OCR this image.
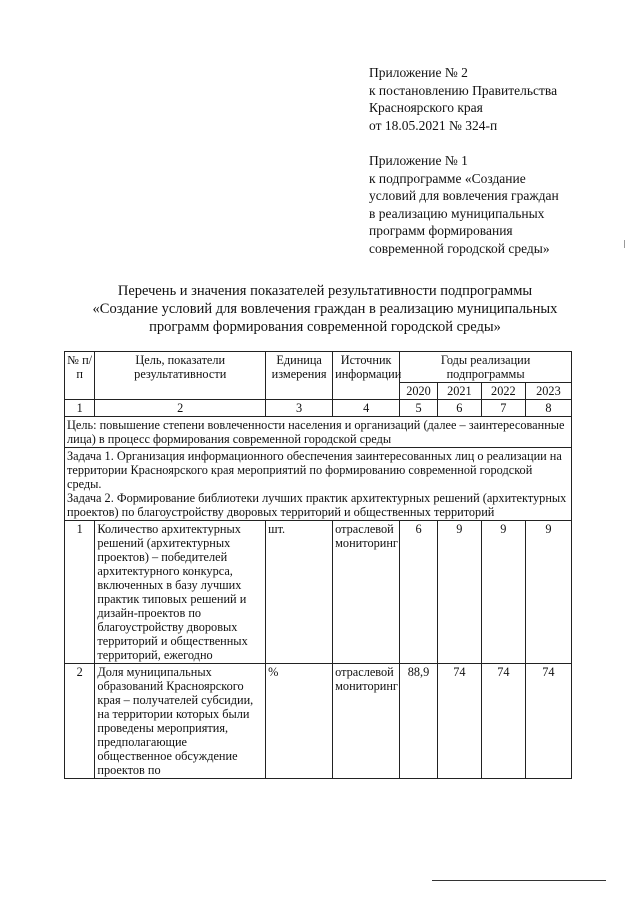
Приложение № 2
к постановлению Правительства
Красноярского края
от 18.05.2021 № 324-п
Приложение № 1
к подпрограмме «Создание
условий для вовлечения граждан
в реализацию муниципальных
программ формирования
современной городской среды»
Перечень и значения показателей результативности подпрограммы
«Создание условий для вовлечения граждан в реализацию муниципальных
программ формирования современной городской среды»
№ п/п	Цель, показатели результативности	Единица измерения	Источник информации	Годы реализации подпрограммы			
				2020	2021	2022	2023
1	2	3	4	5	6	7	8
Цель: повышение степени вовлеченности населения и организаций (далее – заинтересованные лица) в процесс формирования современной городской среды							

Задача 1. Организация информационного обеспечения заинтересованных лиц о реализации на территории Красноярского края мероприятий по формированию современной городской среды.
Задача 2. Формирование библиотеки лучших практик архитектурных решений (архитектурных проектов) по благоустройству дворовых территорий и общественных территорий							

1	Количество архитектурных решений (архитектурных проектов) – победителей архитектурного конкурса, включенных в базу лучших практик типовых решений и дизайн-проектов по благоустройству дворовых территорий и общественных территорий, ежегодно	шт.	отраслевой мониторинг	6	9	9	9
2	Доля муниципальных образований Красноярского края – получателей субсидии, на территории которых были проведены мероприятия, предполагающие общественное обсуждение проектов по	%	отраслевой мониторинг	88,9	74	74	74
